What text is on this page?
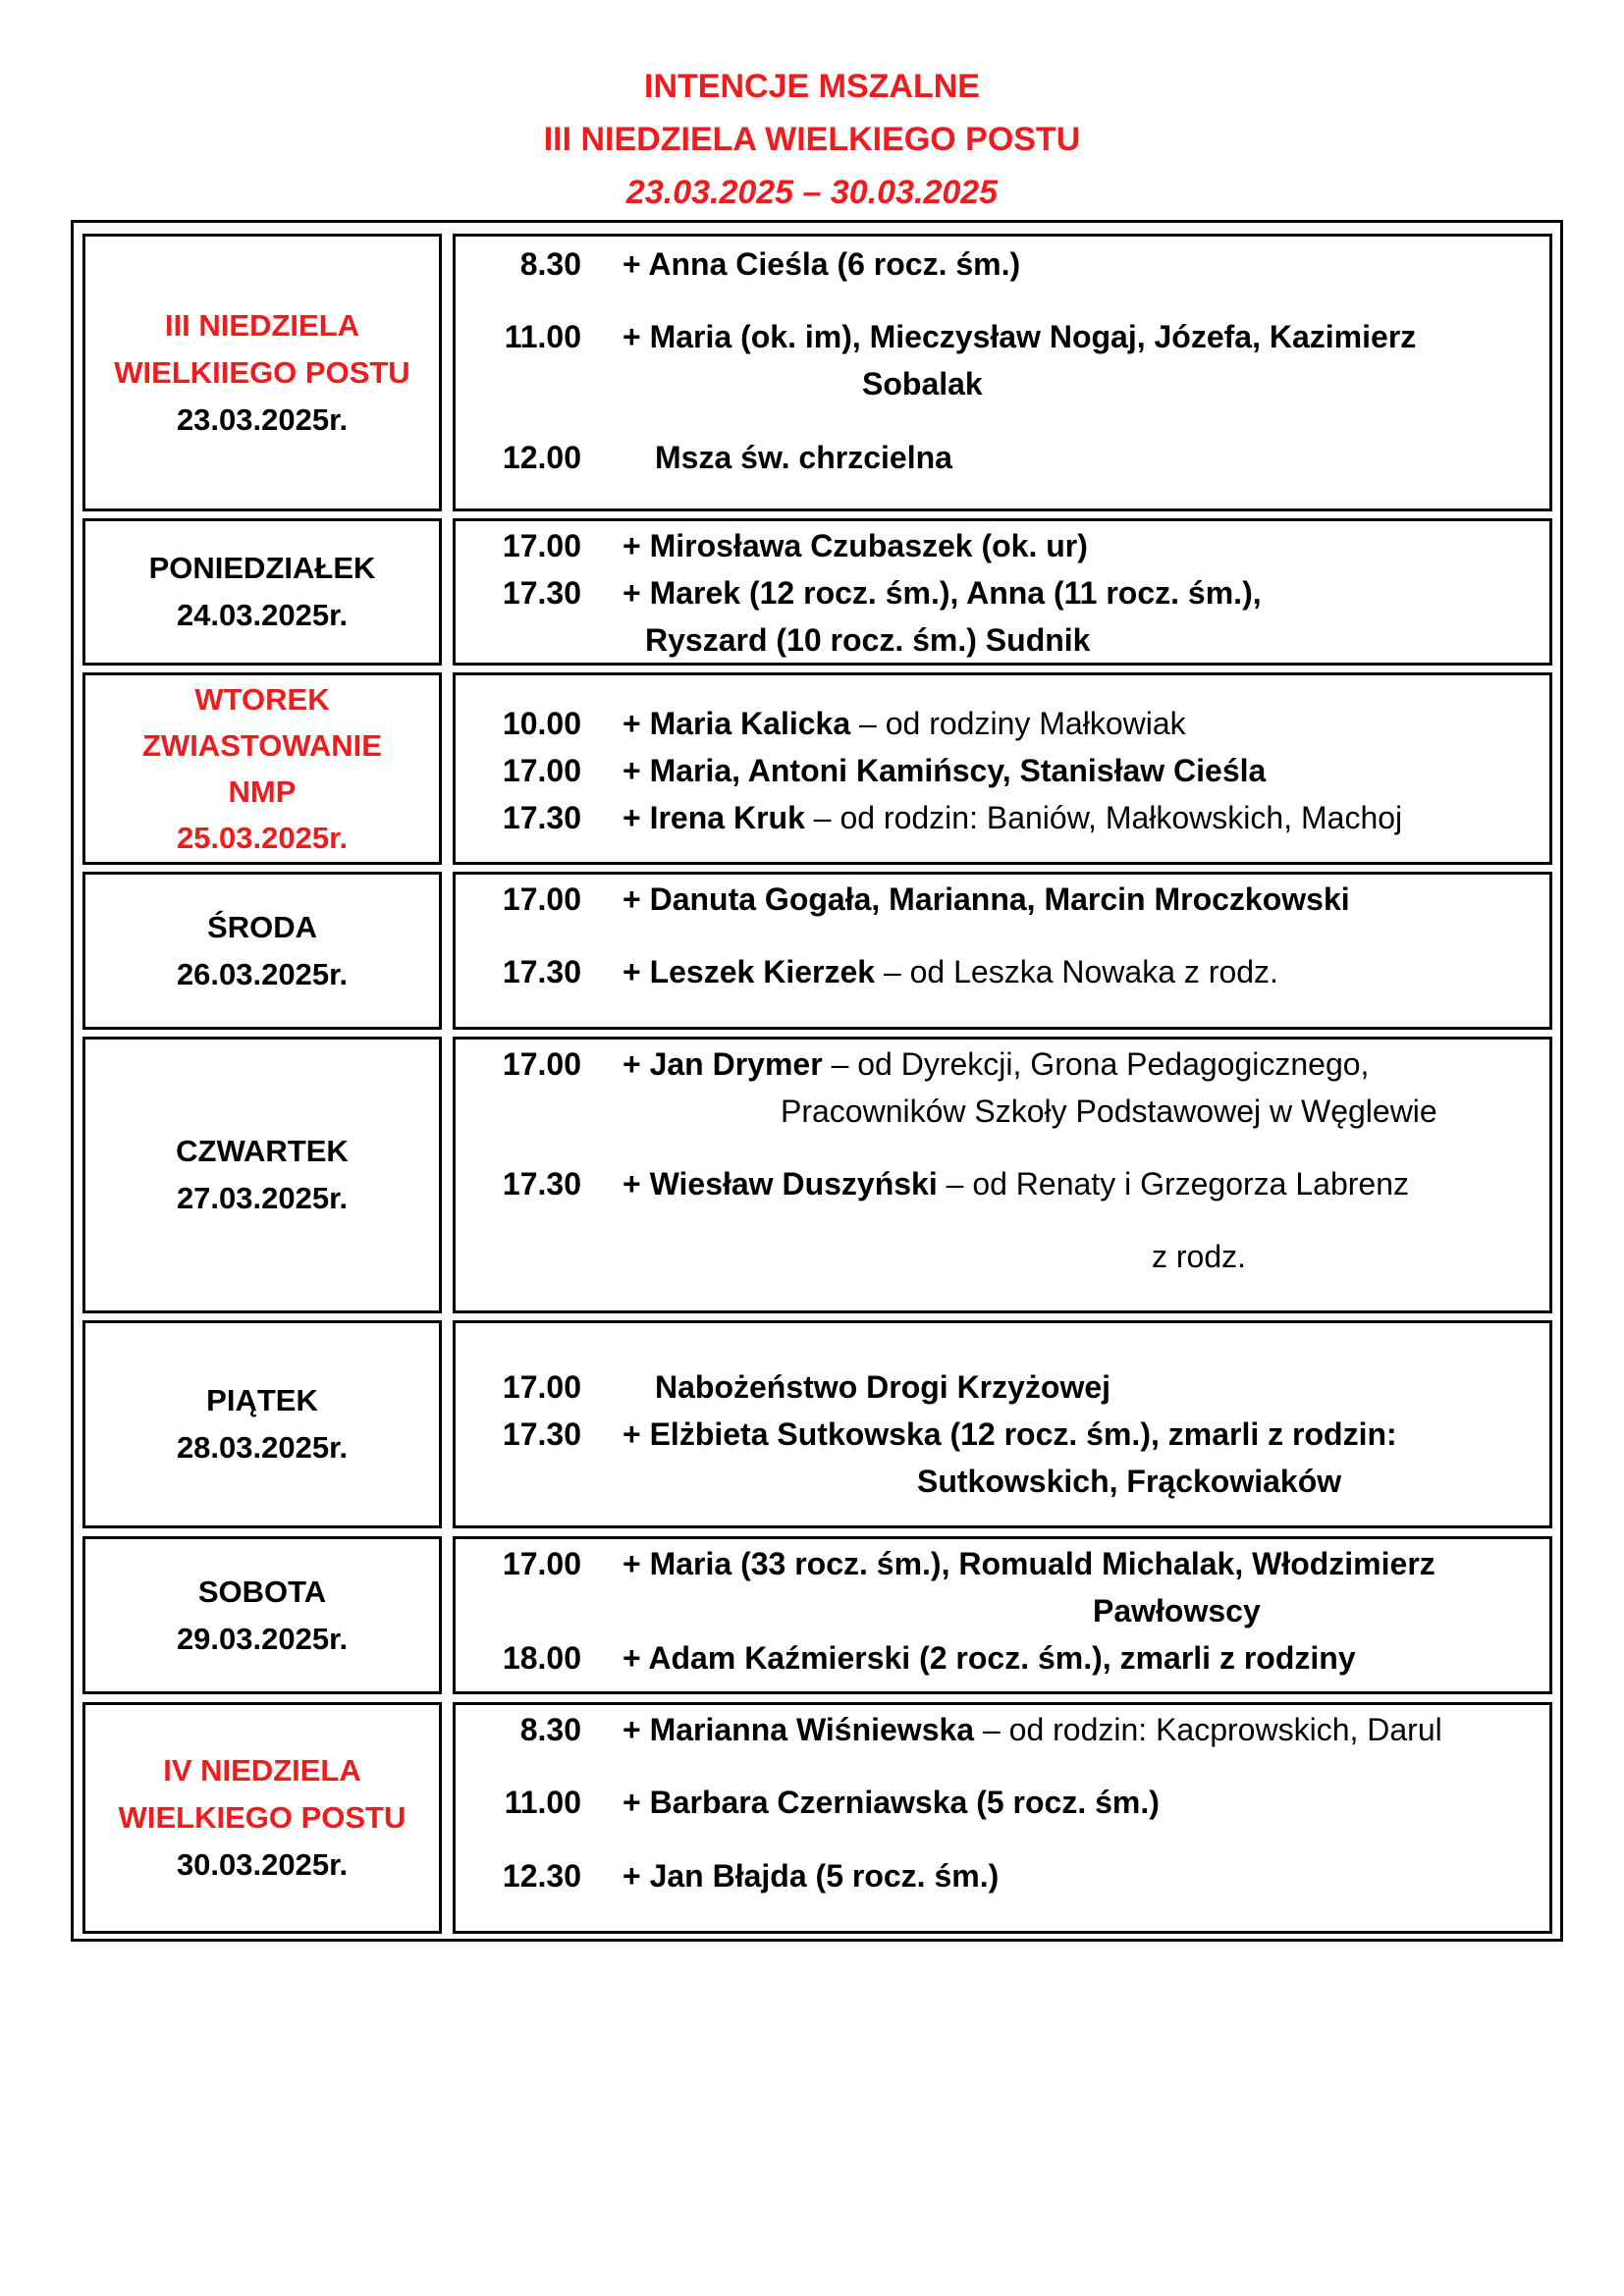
INTENCJE MSZALNE
III NIEDZIELA WIELKIEGO POSTU
23.03.2025 – 30.03.2025
III NIEDZIELA
WIELKIIEGO POSTU
23.03.2025r.
8.30 + Anna Cieśla (6 rocz. śm.)
11.00 + Maria (ok. im), Mieczysław Nogaj, Józefa, Kazimierz
Sobalak
12.00 Msza św. chrzcielna
PONIEDZIAŁEK
24.03.2025r.
17.00 + Mirosława Czubaszek (ok. ur)
17.30 + Marek (12 rocz. śm.), Anna (11 rocz. śm.),
Ryszard (10 rocz. śm.) Sudnik
WTOREK
ZWIASTOWANIE
NMP
25.03.2025r.
10.00 + Maria Kalicka – od rodziny Małkowiak
17.00 + Maria, Antoni Kamińscy, Stanisław Cieśla
17.30 + Irena Kruk – od rodzin: Baniów, Małkowskich, Machoj
ŚRODA
26.03.2025r.
17.00 + Danuta Gogała, Marianna, Marcin Mroczkowski
17.30 + Leszek Kierzek – od Leszka Nowaka z rodz.
CZWARTEK
27.03.2025r.
17.00 + Jan Drymer – od Dyrekcji, Grona Pedagogicznego,
Pracowników Szkoły Podstawowej w Węglewie
17.30 + Wiesław Duszyński – od Renaty i Grzegorza Labrenz
z rodz.
PIĄTEK
28.03.2025r.
17.00 Nabożeństwo Drogi Krzyżowej
17.30 + Elżbieta Sutkowska (12 rocz. śm.), zmarli z rodzin:
Sutkowskich, Frąckowiaków
SOBOTA
29.03.2025r.
17.00 + Maria (33 rocz. śm.), Romuald Michalak, Włodzimierz
Pawłowscy
18.00 + Adam Kaźmierski (2 rocz. śm.), zmarli z rodziny
IV NIEDZIELA
WIELKIEGO POSTU
30.03.2025r.
8.30 + Marianna Wiśniewska – od rodzin: Kacprowskich, Darul
11.00 + Barbara Czerniawska (5 rocz. śm.)
12.30 + Jan Błajda (5 rocz. śm.)
